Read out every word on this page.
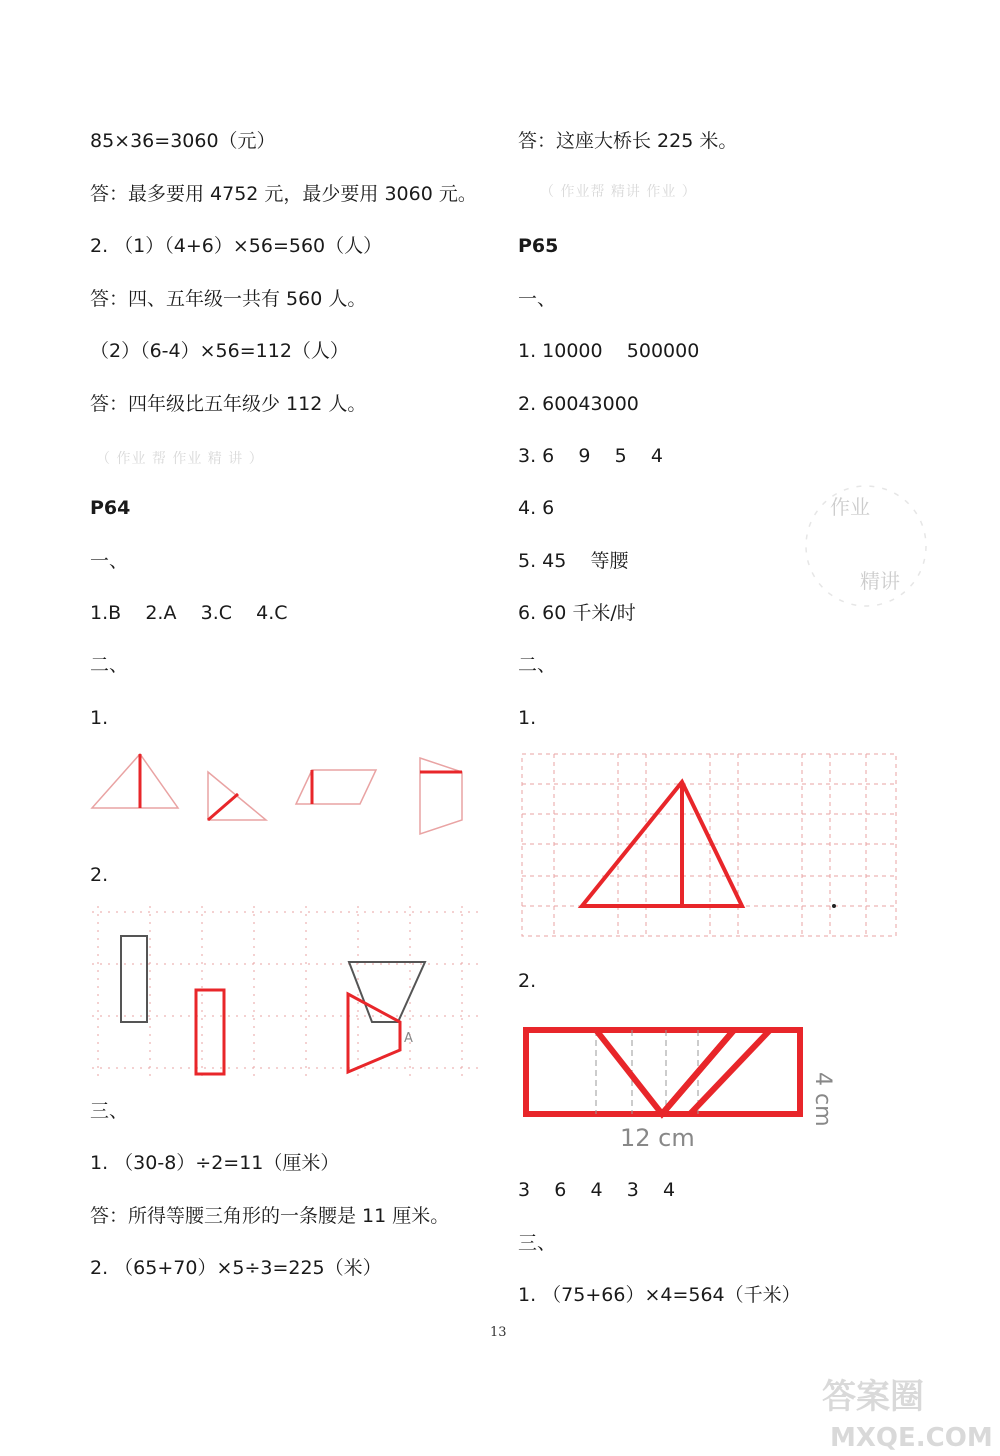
85×36=3060（元）
答：最多要用 4752 元，最少要用 3060 元。
2. （1）（4+6）×56=560（人）
答：四、五年级一共有 560 人。
（2）（6-4）×56=112（人）
答：四年级比五年级少 112 人。
（ 作业 帮 作业 精 讲 ）
P64
一、
1.B    2.A    3.C    4.C
二、
1.
2.
A
三、
1. （30-8）÷2=11（厘米）
答：所得等腰三角形的一条腰是 11 厘米。
2. （65+70）×5÷3=225（米）
答：这座大桥长 225 米。
（ 作业帮 精讲 作业 ）
P65
一、
1. 10000    500000
2. 60043000
3. 6    9    5    4
4. 6
5. 45    等腰
6. 60 千米/时
二、
1.
2.
12 cm
4 cm
3    6    4    3    4
三、
1. （75+66）×4=564（千米）
作业
精讲
13
答案圈
MXQE.COM
